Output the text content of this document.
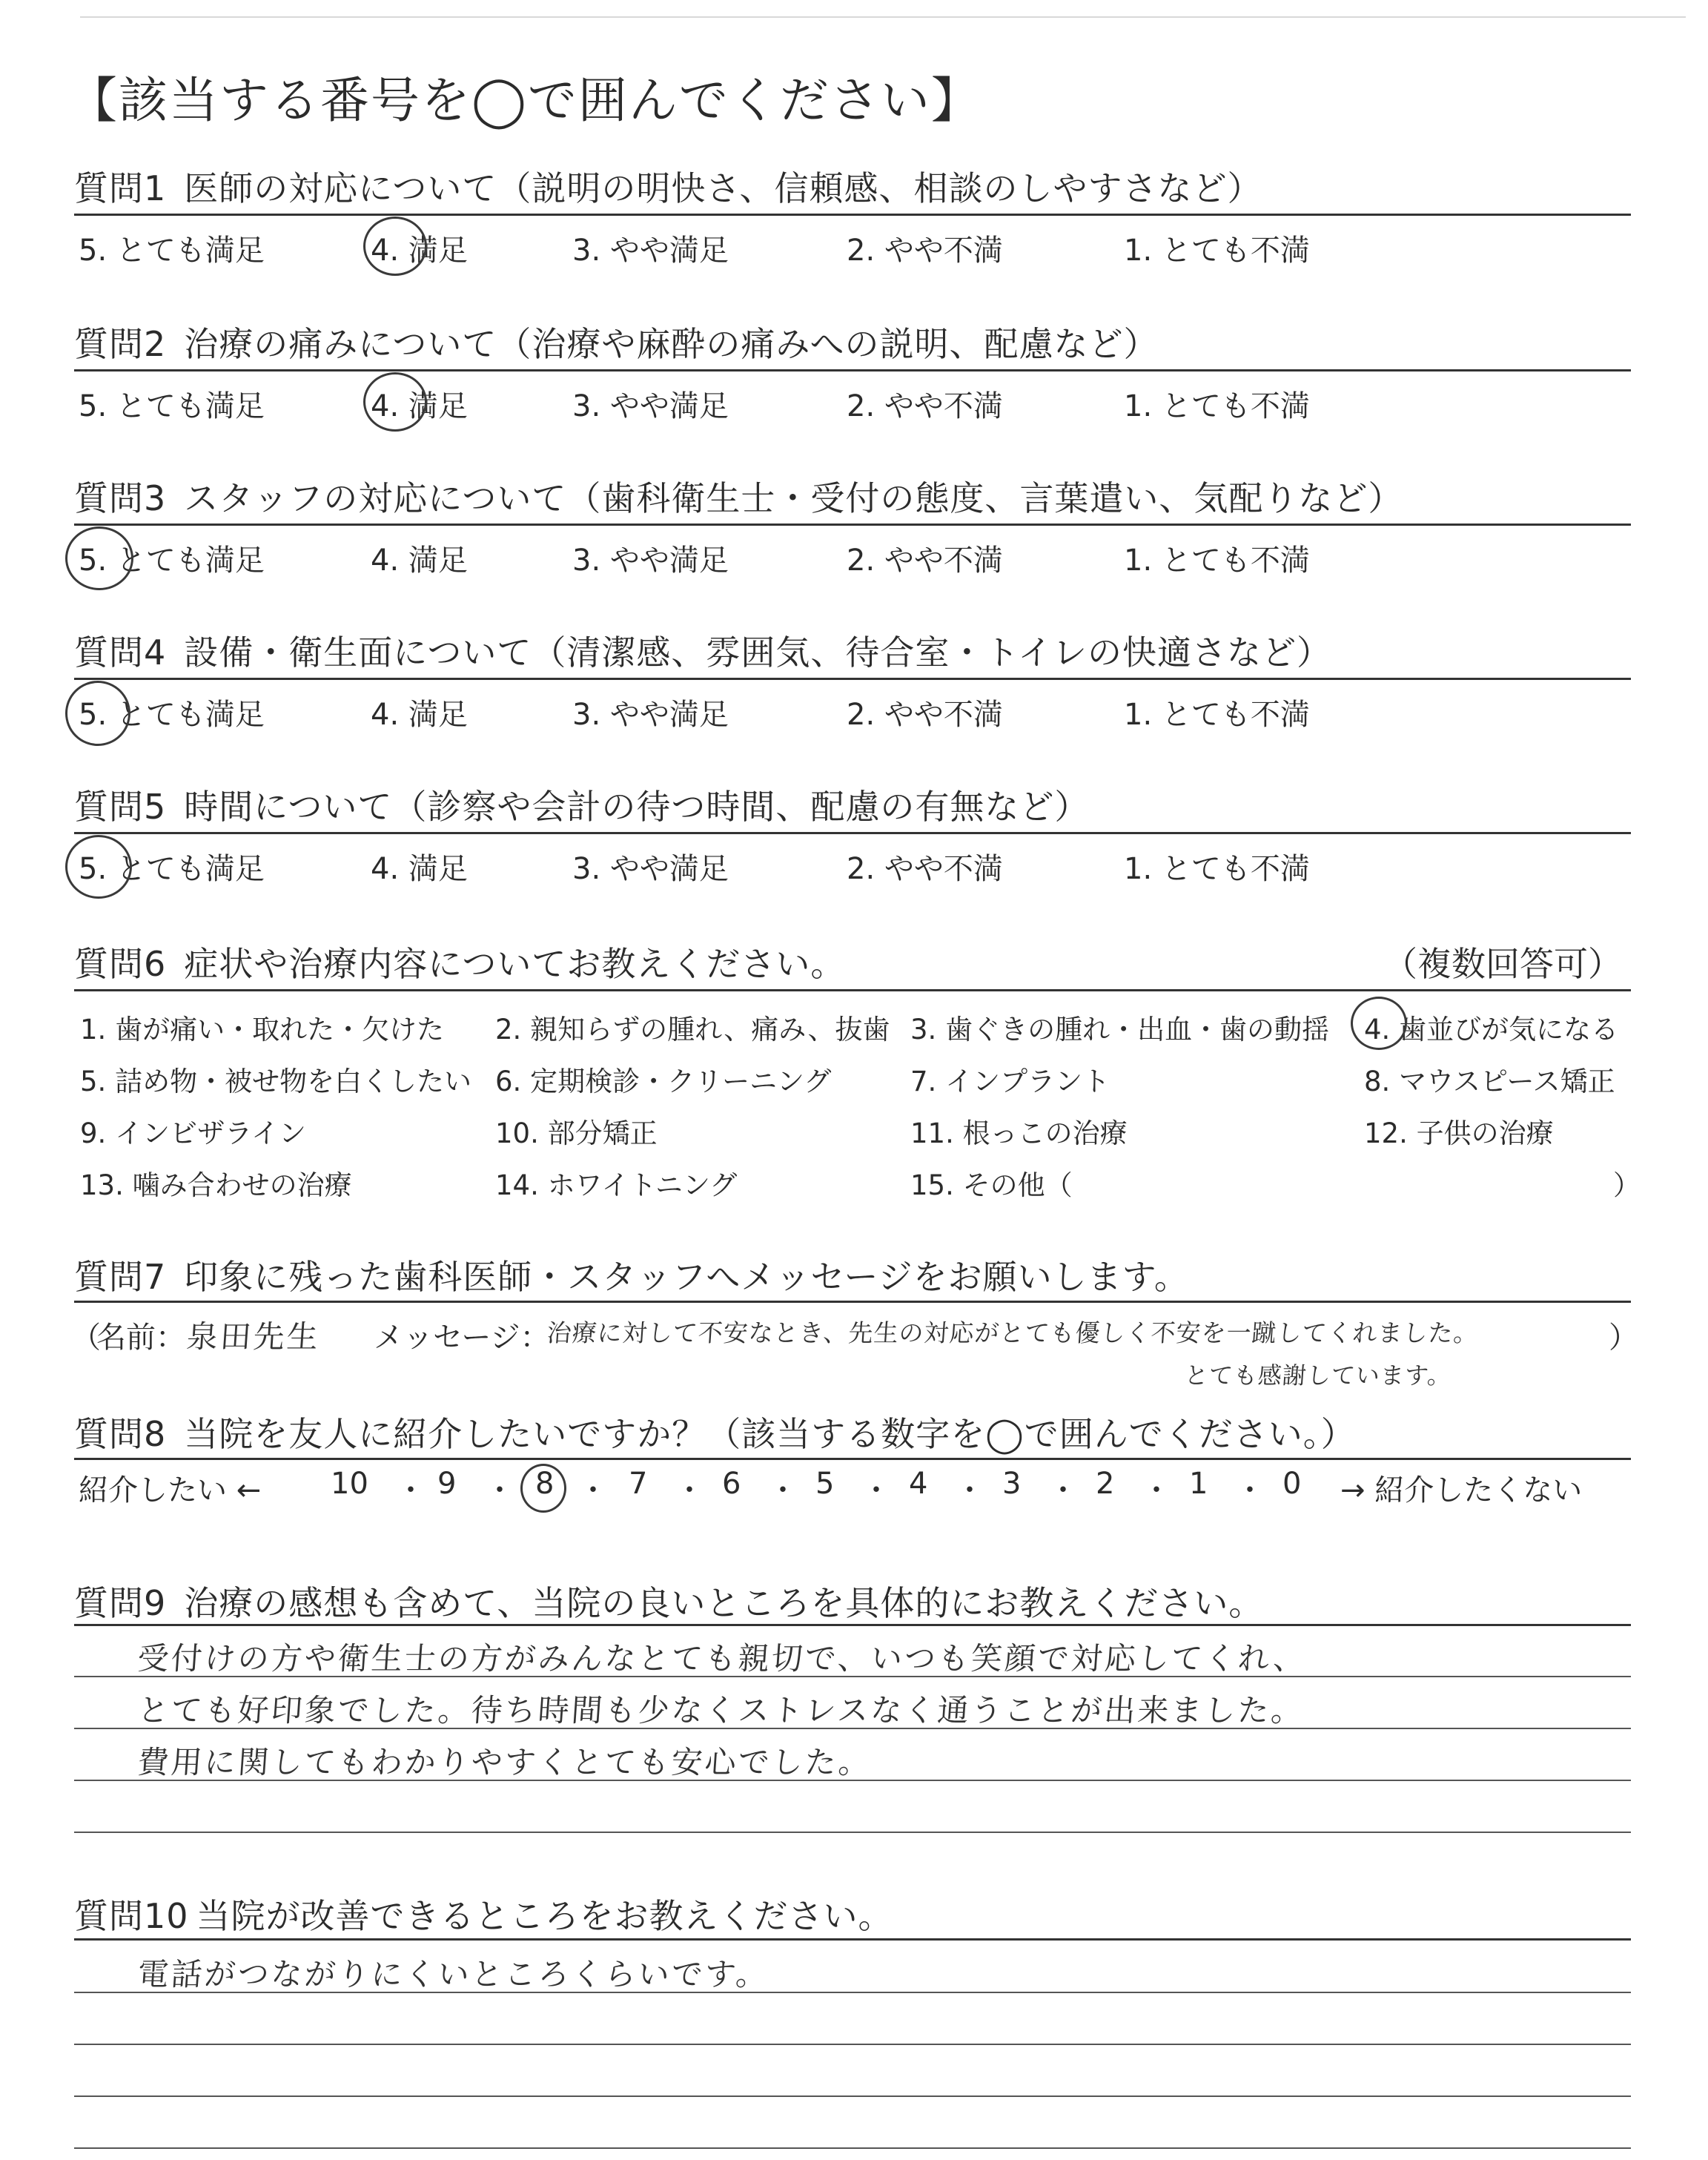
【該当する番号を◯で囲んでください】
質問1 医師の対応について（説明の明快さ、信頼感、相談のしやすさなど）
5. とても満足	4. 満足	3. やや満足	2. やや不満	1. とても不満
質問2 治療の痛みについて（治療や麻酔の痛みへの説明、配慮など）
5. とても満足	4. 満足	3. やや満足	2. やや不満	1. とても不満
質問3 スタッフの対応について（歯科衛生士・受付の態度、言葉遣い、気配りなど）
5. とても満足	4. 満足	3. やや満足	2. やや不満	1. とても不満
質問4 設備・衛生面について（清潔感、雰囲気、待合室・トイレの快適さなど）
5. とても満足	4. 満足	3. やや満足	2. やや不満	1. とても不満
質問5 時間について（診察や会計の待つ時間、配慮の有無など）
5. とても満足	4. 満足	3. やや満足	2. やや不満	1. とても不満
質問6 症状や治療内容についてお教えください。	（複数回答可）
1. 歯が痛い・取れた・欠けた 2. 親知らずの腫れ、痛み、抜歯 3. 歯ぐきの腫れ・出血・歯の動揺 4. 歯並びが気になる
5. 詰め物・被せ物を白くしたい 6. 定期検診・クリーニング	7. インプラント	8. マウスピース矯正
9. インビザライン	10. 部分矯正	11. 根っこの治療	12. 子供の治療
13. 噛み合わせの治療	14. ホワイトニング	15. その他（	）
質問7 印象に残った歯科医師・スタッフへメッセージをお願いします。
（
名前： 泉田先生 メッセージ：
治療に対して不安なとき、先生の対応がとても優しく不安を一蹴してくれました。
とても感謝しています。
）
質問8 当院を友人に紹介したいですか？（該当する数字を◯で囲んでください。）
紹介したい ← 10 ・ 9 ・ 8 ・ 7 ・ 6 ・ 5 ・ 4 ・ 3 ・ 2 ・ 1 ・ 0 → 紹介したくない
質問9 治療の感想も含めて、当院の良いところを具体的にお教えください。
受付けの方や衛生士の方がみんなとても親切で、いつも笑顔で対応してくれ、
とても好印象でした。待ち時間も少なくストレスなく通うことが出来ました。
費用に関してもわかりやすくとても安心でした。
質問10 当院が改善できるところをお教えください。
電話がつながりにくいところくらいです。
